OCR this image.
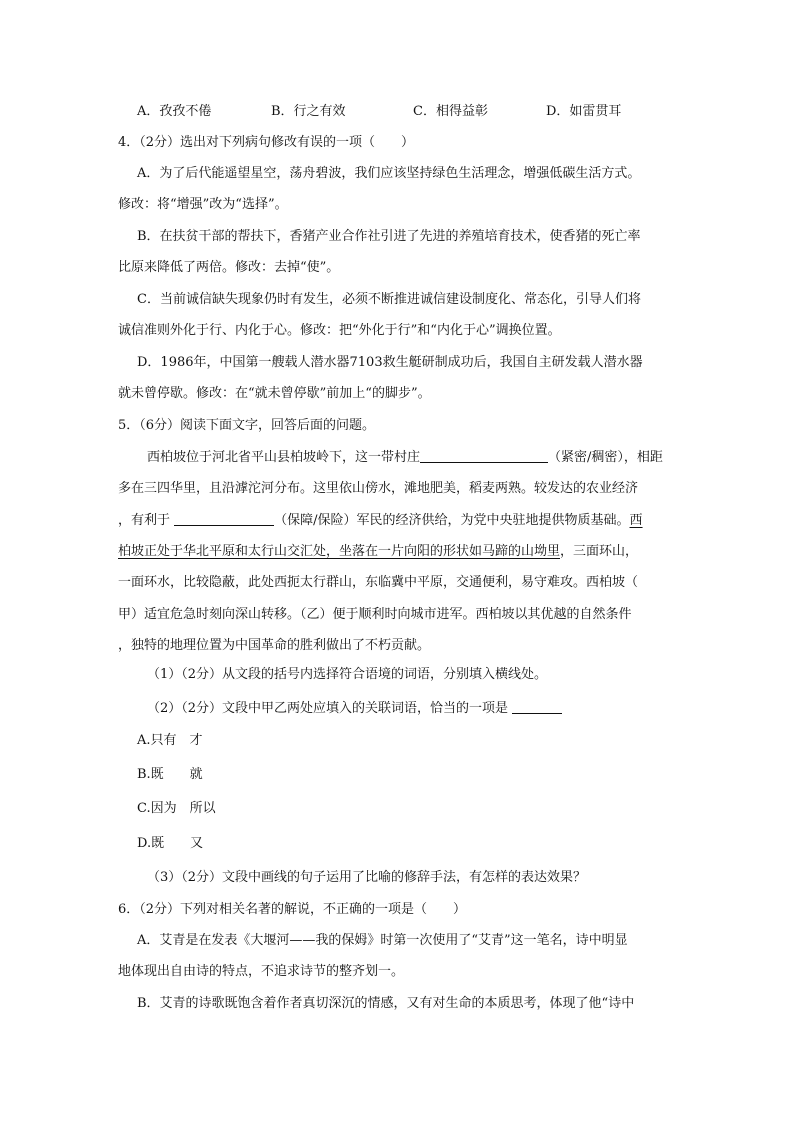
A．孜孜不倦	B．行之有效	C．相得益彰	D．如雷贯耳
4．（2分）选出对下列病句修改有误的一项（　　）
A．为了后代能遥望星空，荡舟碧波，我们应该坚持绿色生活理念，增强低碳生活方式。
修改：将“增强”改为“选择”。
B．在扶贫干部的帮扶下，香猪产业合作社引进了先进的养殖培育技术，使香猪的死亡率
比原来降低了两倍。修改：去掉“使”。
C．当前诚信缺失现象仍时有发生，必须不断推进诚信建设制度化、常态化，引导人们将
诚信准则外化于行、内化于心。修改：把“外化于行”和“内化于心”调换位置。
D．1986年，中国第一艘载人潜水器7103救生艇研制成功后，我国自主研发载人潜水器
就未曾停歇。修改：在“就未曾停歇”前加上“的脚步”。
5．（6分）阅读下面文字，回答后面的问题。
西柏坡位于河北省平山县柏坡岭下，这一带村庄	（紧密/稠密），相距
多在三四华里，且沿滹沱河分布。这里依山傍水，滩地肥美，稻麦两熟。较发达的农业经济
，有利于	（保障/保险）军民的经济供给，为党中央驻地提供物质基础。西
柏坡正处于华北平原和太行山交汇处，坐落在一片向阳的形状如马蹄的山坳里，三面环山，
一面环水，比较隐蔽，此处西扼太行群山，东临冀中平原，交通便利，易守难攻。西柏坡（
甲）适宜危急时刻向深山转移。（乙）便于顺利时向城市进军。西柏坡以其优越的自然条件
，独特的地理位置为中国革命的胜利做出了不朽贡献。
（1）（2分）从文段的括号内选择符合语境的词语，分别填入横线处。
（2）（2分）文段中甲乙两处应填入的关联词语，恰当的一项是
A.只有　才
B.既　　就
C.因为　所以
D.既　　又
（3）（2分）文段中画线的句子运用了比喻的修辞手法，有怎样的表达效果？
6．（2分）下列对相关名著的解说，不正确的一项是（　　）
A．艾青是在发表《大堰河——我的保姆》时第一次使用了“艾青”这一笔名，诗中明显
地体现出自由诗的特点，不追求诗节的整齐划一。
B．艾青的诗歌既饱含着作者真切深沉的情感，又有对生命的本质思考，体现了他“诗中
